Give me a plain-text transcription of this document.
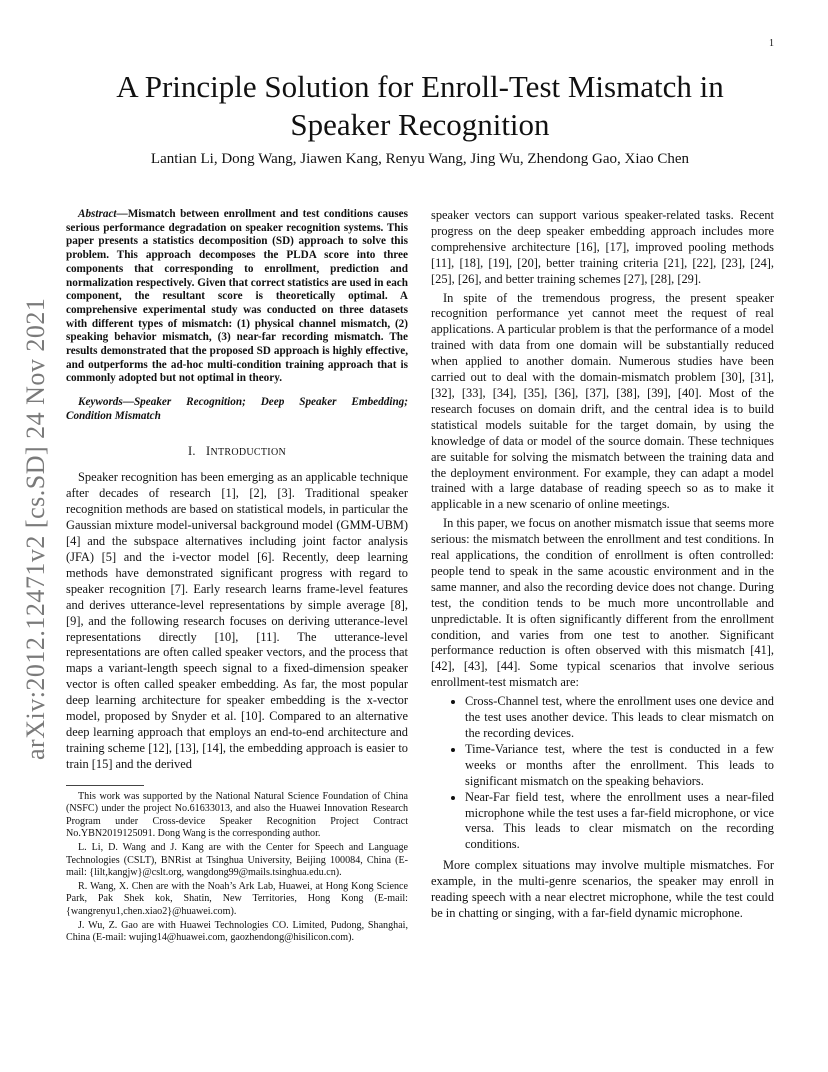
1
arXiv:2012.12471v2 [cs.SD] 24 Nov 2021
A Principle Solution for Enroll-Test Mismatch in
Speaker Recognition
Lantian Li, Dong Wang, Jiawen Kang, Renyu Wang, Jing Wu, Zhendong Gao, Xiao Chen

Abstract—Mismatch between enrollment and test conditions causes serious performance degradation on speaker recognition systems. This paper presents a statistics decomposition (SD) approach to solve this problem. This approach decomposes the PLDA score into three components that corresponding to enrollment, prediction and normalization respectively. Given that correct statistics are used in each component, the resultant score is theoretically optimal. A comprehensive experimental study was conducted on three datasets with different types of mismatch: (1) physical channel mismatch, (2) speaking behavior mismatch, (3) near-far recording mismatch. The results demonstrated that the proposed SD approach is highly effective, and outperforms the ad-hoc multi-condition training approach that is commonly adopted but not optimal in theory.

Keywords—Speaker Recognition; Deep Speaker Embedding; Condition Mismatch

I. INTRODUCTION

Speaker recognition has been emerging as an applicable technique after decades of research [1], [2], [3]. Traditional speaker recognition methods are based on statistical models, in particular the Gaussian mixture model-universal background model (GMM-UBM) [4] and the subspace alternatives including joint factor analysis (JFA) [5] and the i-vector model [6]. Recently, deep learning methods have demonstrated significant progress with regard to speaker recognition [7]. Early research learns frame-level features and derives utterance-level representations by simple average [8], [9], and the following research focuses on deriving utterance-level representations directly [10], [11]. The utterance-level representations are often called speaker vectors, and the process that maps a variant-length speech signal to a fixed-dimension speaker vector is often called speaker embedding. As far, the most popular deep learning architecture for speaker embedding is the x-vector model, proposed by Snyder et al. [10]. Compared to an alternative deep learning approach that employs an end-to-end architecture and training scheme [12], [13], [14], the embedding approach is easier to train [15] and the derived

This work was supported by the National Natural Science Foundation of China (NSFC) under the project No.61633013, and also the Huawei Innovation Research Program under Cross-device Speaker Recognition Project Contract No.YBN2019125091. Dong Wang is the corresponding author.

L. Li, D. Wang and J. Kang are with the Center for Speech and Language Technologies (CSLT), BNRist at Tsinghua University, Beijing 100084, China (E-mail: {lilt,kangjw}@cslt.org, wangdong99@mails.tsinghua.edu.cn).

R. Wang, X. Chen are with the Noah’s Ark Lab, Huawei, at Hong Kong Science Park, Pak Shek kok, Shatin, New Territories, Hong Kong (E-mail: {wangrenyu1,chen.xiao2}@huawei.com).

J. Wu, Z. Gao are with Huawei Technologies CO. Limited, Pudong, Shanghai, China (E-mail: wujing14@huawei.com, gaozhendong@hisilicon.com).

speaker vectors can support various speaker-related tasks. Recent progress on the deep speaker embedding approach includes more comprehensive architecture [16], [17], improved pooling methods [11], [18], [19], [20], better training criteria [21], [22], [23], [24], [25], [26], and better training schemes [27], [28], [29].

In spite of the tremendous progress, the present speaker recognition performance yet cannot meet the request of real applications. A particular problem is that the performance of a model trained with data from one domain will be substantially reduced when applied to another domain. Numerous studies have been carried out to deal with the domain-mismatch problem [30], [31], [32], [33], [34], [35], [36], [37], [38], [39], [40]. Most of the research focuses on domain drift, and the central idea is to build statistical models suitable for the target domain, by using the knowledge of data or model of the source domain. These techniques are suitable for solving the mismatch between the training data and the deployment environment. For example, they can adapt a model trained with a large database of reading speech so as to make it applicable in a new scenario of online meetings.

In this paper, we focus on another mismatch issue that seems more serious: the mismatch between the enrollment and test conditions. In real applications, the condition of enrollment is often controlled: people tend to speak in the same acoustic environment and in the same manner, and also the recording device does not change. During test, the condition tends to be much more uncontrollable and unpredictable. It is often significantly different from the enrollment condition, and varies from one test to another. Significant performance reduction is often observed with this mismatch [41], [42], [43], [44]. Some typical scenarios that involve serious enrollment-test mismatch are:

• Cross-Channel test, where the enrollment uses one device and the test uses another device. This leads to clear mismatch on the recording devices.
• Time-Variance test, where the test is conducted in a few weeks or months after the enrollment. This leads to significant mismatch on the speaking behaviors.
• Near-Far field test, where the enrollment uses a near-filed microphone while the test uses a far-field microphone, or vice versa. This leads to clear mismatch on the recording conditions.

More complex situations may involve multiple mismatches. For example, in the multi-genre scenarios, the speaker may enroll in reading speech with a near electret microphone, while the test could be in chatting or singing, with a far-field dynamic microphone.
